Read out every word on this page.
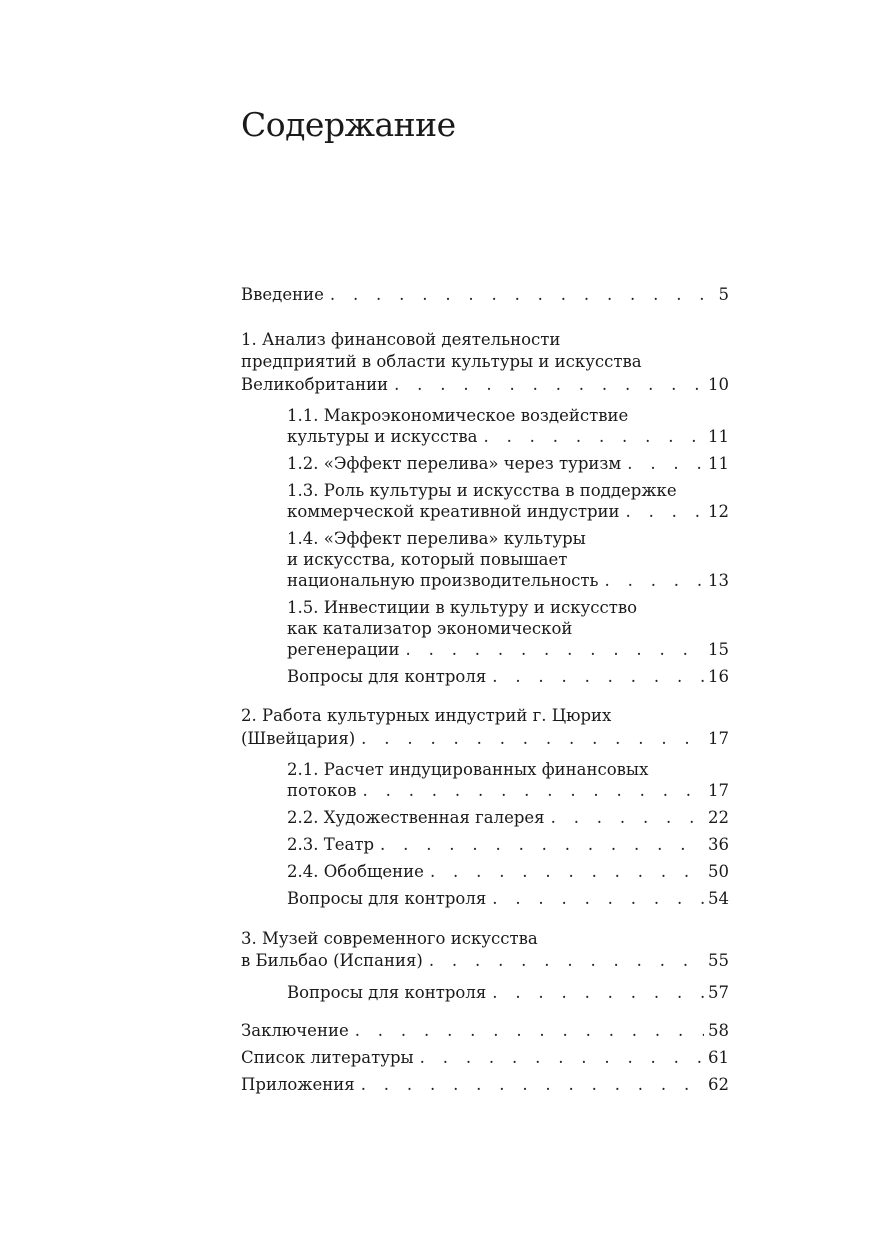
Содержание
Введение . . .	5
1. Анализ финансовой деятельности
предприятий в области культуры и искусства
Великобритании . . .	10
1.1. Макроэкономическое воздействие
культуры и искусства . . .	11
1.2. «Эффект перелива» через туризм . . .	11
1.3. Роль культуры и искусства в поддержке
коммерческой креативной индустрии . . .	12
1.4. «Эффект перелива» культуры
и искусства, который повышает
национальную производительность . . .	13
1.5. Инвестиции в культуру и искусство
как катализатор экономической
регенерации . . .	15
Вопросы для контроля . . .	16
2. Работа культурных индустрий г. Цюрих
(Швейцария) . . .	17
2.1. Расчет индуцированных финансовых
потоков . . .	17
2.2. Художественная галерея . . .	22
2.3. Театр . . .	36
2.4. Обобщение . . .	50
Вопросы для контроля . . .	54
3. Музей современного искусства
в Бильбао (Испания) . . .	55
Вопросы для контроля . . .	57
Заключение . . .	58
Список литературы . . .	61
Приложения . . .	62
